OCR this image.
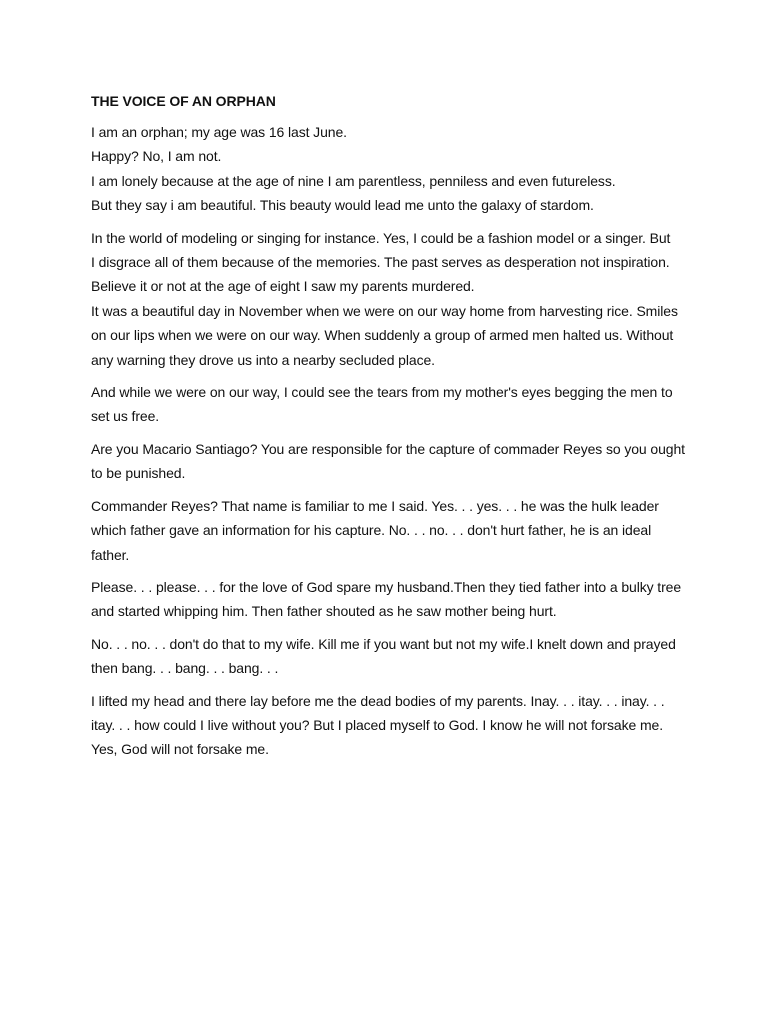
THE VOICE OF AN ORPHAN
I am an orphan; my age was 16 last June.
Happy? No, I am not.
I am lonely because at the age of nine I am parentless, penniless and even futureless.
But they say i am beautiful. This beauty would lead me unto the galaxy of stardom.
In the world of modeling or singing for instance. Yes, I could be a fashion model or a singer. But
I disgrace all of them because of the memories. The past serves as desperation not inspiration.
Believe it or not at the age of eight I saw my parents murdered.
It was a beautiful day in November when we were on our way home from harvesting rice. Smiles
on our lips when we were on our way. When suddenly a group of armed men halted us. Without
any warning they drove us into a nearby secluded place.
And while we were on our way, I could see the tears from my mother's eyes begging the men to
set us free.
Are you Macario Santiago? You are responsible for the capture of commader Reyes so you ought
to be punished.
Commander Reyes? That name is familiar to me I said. Yes. . . yes. . . he was the hulk leader
which father gave an information for his capture. No. . . no. . . don't hurt father, he is an ideal
father.
Please. . . please. . . for the love of God spare my husband.Then they tied father into a bulky tree
and started whipping him. Then father shouted as he saw mother being hurt.
No. . . no. . . don't do that to my wife. Kill me if you want but not my wife.I knelt down and prayed
then bang. . . bang. . . bang. . .
I lifted my head and there lay before me the dead bodies of my parents. Inay. . . itay. . . inay. . .
itay. . . how could I live without you? But I placed myself to God. I know he will not forsake me.
Yes, God will not forsake me.
